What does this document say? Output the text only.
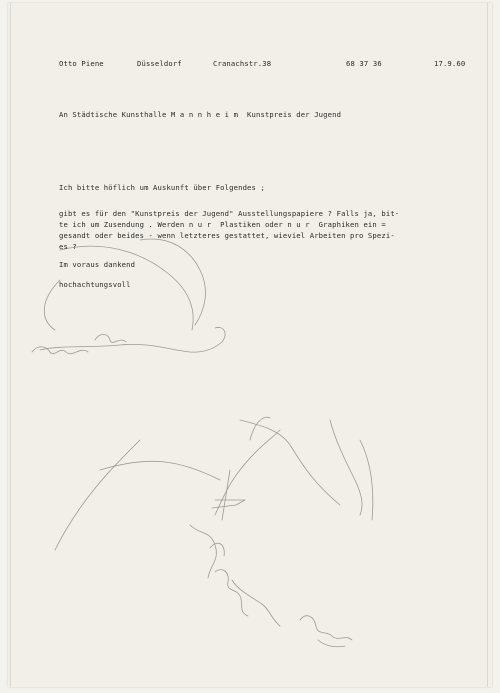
Otto Piene	Düsseldorf	Cranachstr.38	68 37 36	17.9.60
An Städtische Kunsthalle M a n n h e i m  Kunstpreis der Jugend
Ich bitte höflich um Auskunft über Folgendes ;
gibt es für den "Kunstpreis der Jugend" Ausstellungspapiere ? Falls ja, bit-
te ich um Zusendung . Werden n u r  Plastiken oder n u r  Graphiken ein =
gesandt oder beides - wenn letzteres gestattet, wieviel Arbeiten pro Spezi-
es ?
Im voraus dankend
hochachtungsvoll
